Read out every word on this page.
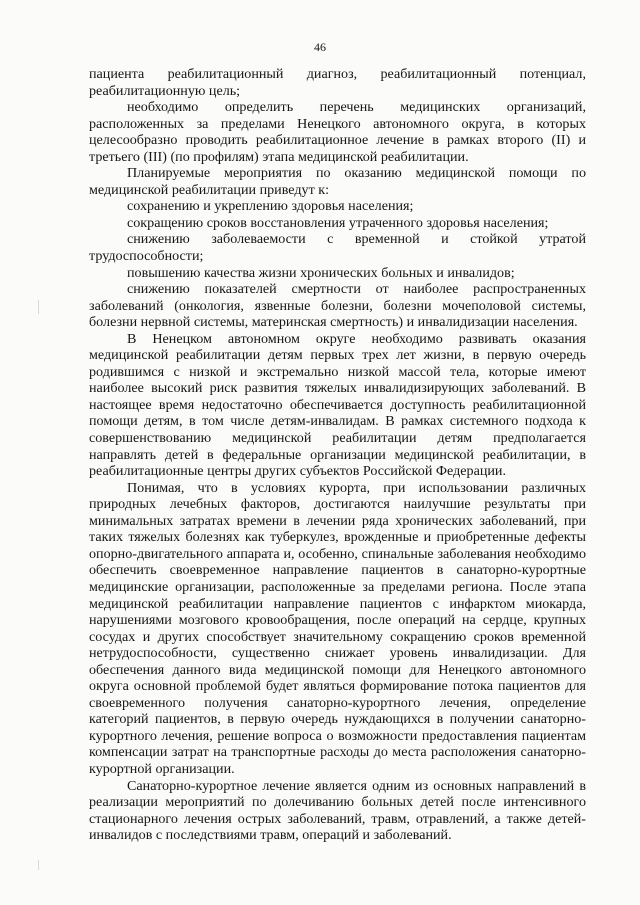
46

пациента реабилитационный диагноз, реабилитационный потенциал, реабилитационную цель;

необходимо определить перечень медицинских организаций, расположенных за пределами Ненецкого автономного округа, в которых целесообразно проводить реабилитационное лечение в рамках второго (II) и третьего (III) (по профилям) этапа медицинской реабилитации.

Планируемые мероприятия по оказанию медицинской помощи по медицинской реабилитации приведут к:

сохранению и укреплению здоровья населения;

сокращению сроков восстановления утраченного здоровья населения;

снижению заболеваемости с временной и стойкой утратой трудоспособности;

повышению качества жизни хронических больных и инвалидов;

снижению показателей смертности от наиболее распространенных заболеваний (онкология, язвенные болезни, болезни мочеполовой системы, болезни нервной системы, материнская смертность) и инвалидизации населения.

В Ненецком автономном округе необходимо развивать оказания медицинской реабилитации детям первых трех лет жизни, в первую очередь родившимся с низкой и экстремально низкой массой тела, которые имеют наиболее высокий риск развития тяжелых инвалидизирующих заболеваний. В настоящее время недостаточно обеспечивается доступность реабилитационной помощи детям, в том числе детям-инвалидам. В рамках системного подхода к совершенствованию медицинской реабилитации детям предполагается направлять детей в федеральные организации медицинской реабилитации, в реабилитационные центры других субъектов Российской Федерации.

Понимая, что в условиях курорта, при использовании различных природных лечебных факторов, достигаются наилучшие результаты при минимальных затратах времени в лечении ряда хронических заболеваний, при таких тяжелых болезнях как туберкулез, врожденные и приобретенные дефекты опорно-двигательного аппарата и, особенно, спинальные заболевания необходимо обеспечить своевременное направление пациентов в санаторно-курортные медицинские организации, расположенные за пределами региона. После этапа медицинской реабилитации направление пациентов с инфарктом миокарда, нарушениями мозгового кровообращения, после операций на сердце, крупных сосудах и других способствует значительному сокращению сроков временной нетрудоспособности, существенно снижает уровень инвалидизации. Для обеспечения данного вида медицинской помощи для Ненецкого автономного округа основной проблемой будет являться формирование потока пациентов для своевременного получения санаторно-курортного лечения, определение категорий пациентов, в первую очередь нуждающихся в получении санаторно-курортного лечения, решение вопроса о возможности предоставления пациентам компенсации затрат на транспортные расходы до места расположения санаторно-курортной организации.

Санаторно-курортное лечение является одним из основных направлений в реализации мероприятий по долечиванию больных детей после интенсивного стационарного лечения острых заболеваний, травм, отравлений, а также детей-инвалидов с последствиями травм, операций и заболеваний.
